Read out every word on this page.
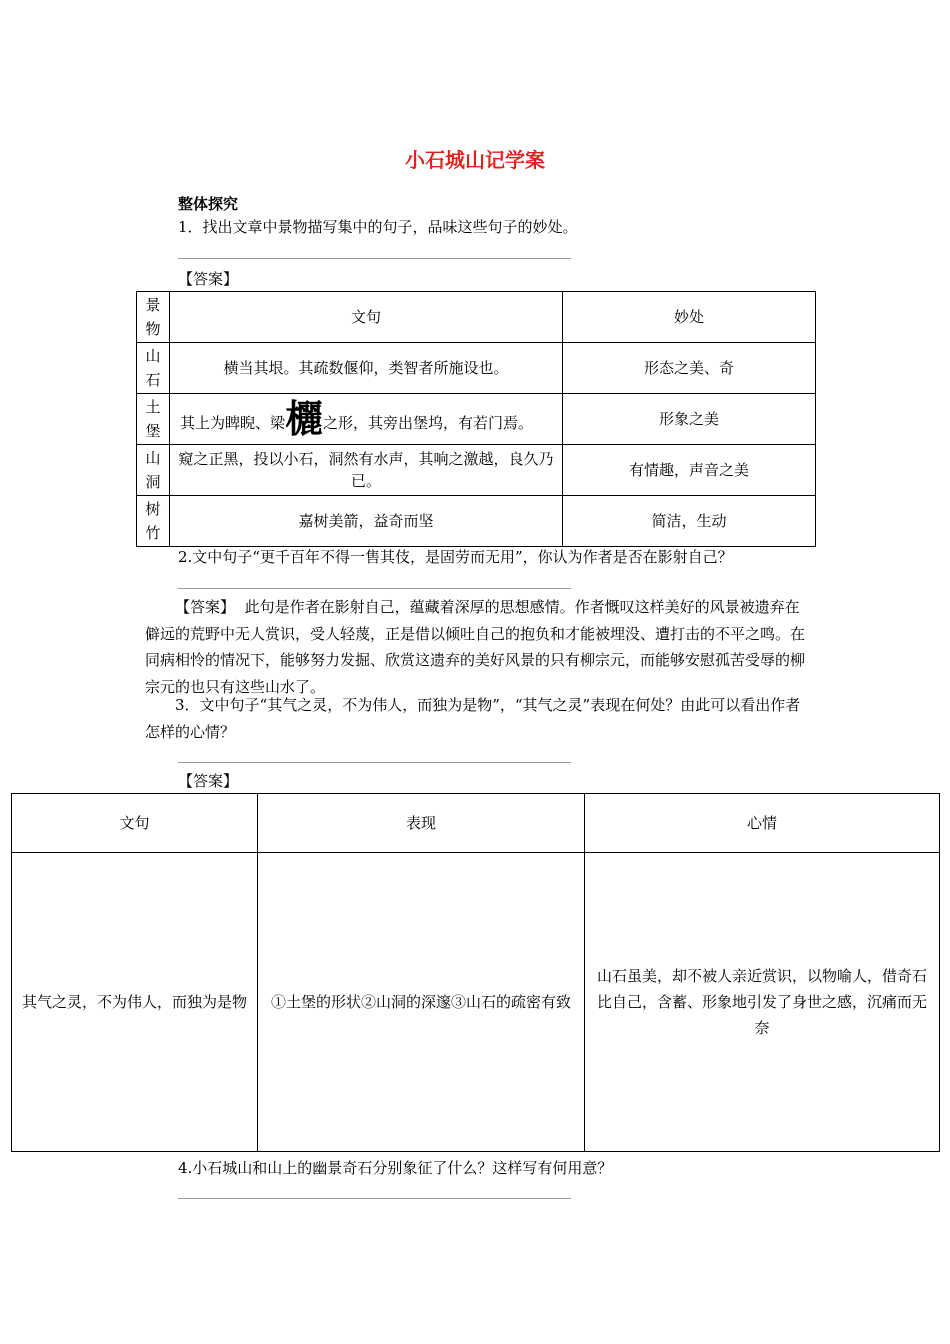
小石城山记学案
整体探究
1．找出文章中景物描写集中的句子，品味这些句子的妙处。
【答案】
景
物	文句	妙处
山
石	横当其垠。其疏数偃仰，类智者所施设也。	形态之美、奇
土
堡	其上为睥睨、梁欐之形，其旁出堡坞，有若门焉。	形象之美
山
洞	窥之正黑，投以小石，洞然有水声，其响之激越，良久乃已。	有情趣，声音之美
树
竹	嘉树美箭，益奇而坚	简洁，生动
2.文中句子“更千百年不得一售其伎，是固劳而无用”，你认为作者是否在影射自己？
【答案】 此句是作者在影射自己，蕴藏着深厚的思想感情。作者慨叹这样美好的风景被遗弃在僻远的荒野中无人赏识，受人轻蔑，正是借以倾吐自己的抱负和才能被埋没、遭打击的不平之鸣。在同病相怜的情况下，能够努力发掘、欣赏这遗弃的美好风景的只有柳宗元，而能够安慰孤苦受辱的柳宗元的也只有这些山水了。
3．文中句子“其气之灵，不为伟人，而独为是物”，“其气之灵”表现在何处？由此可以看出作者怎样的心情？
【答案】
文句	表现	心情
其气之灵，不为伟人，而独为是物	①土堡的形状②山洞的深邃③山石的疏密有致	山石虽美，却不被人亲近赏识，以物喻人，借奇石比自己，含蓄、形象地引发了身世之感，沉痛而无奈
4.小石城山和山上的幽景奇石分别象征了什么？这样写有何用意？
